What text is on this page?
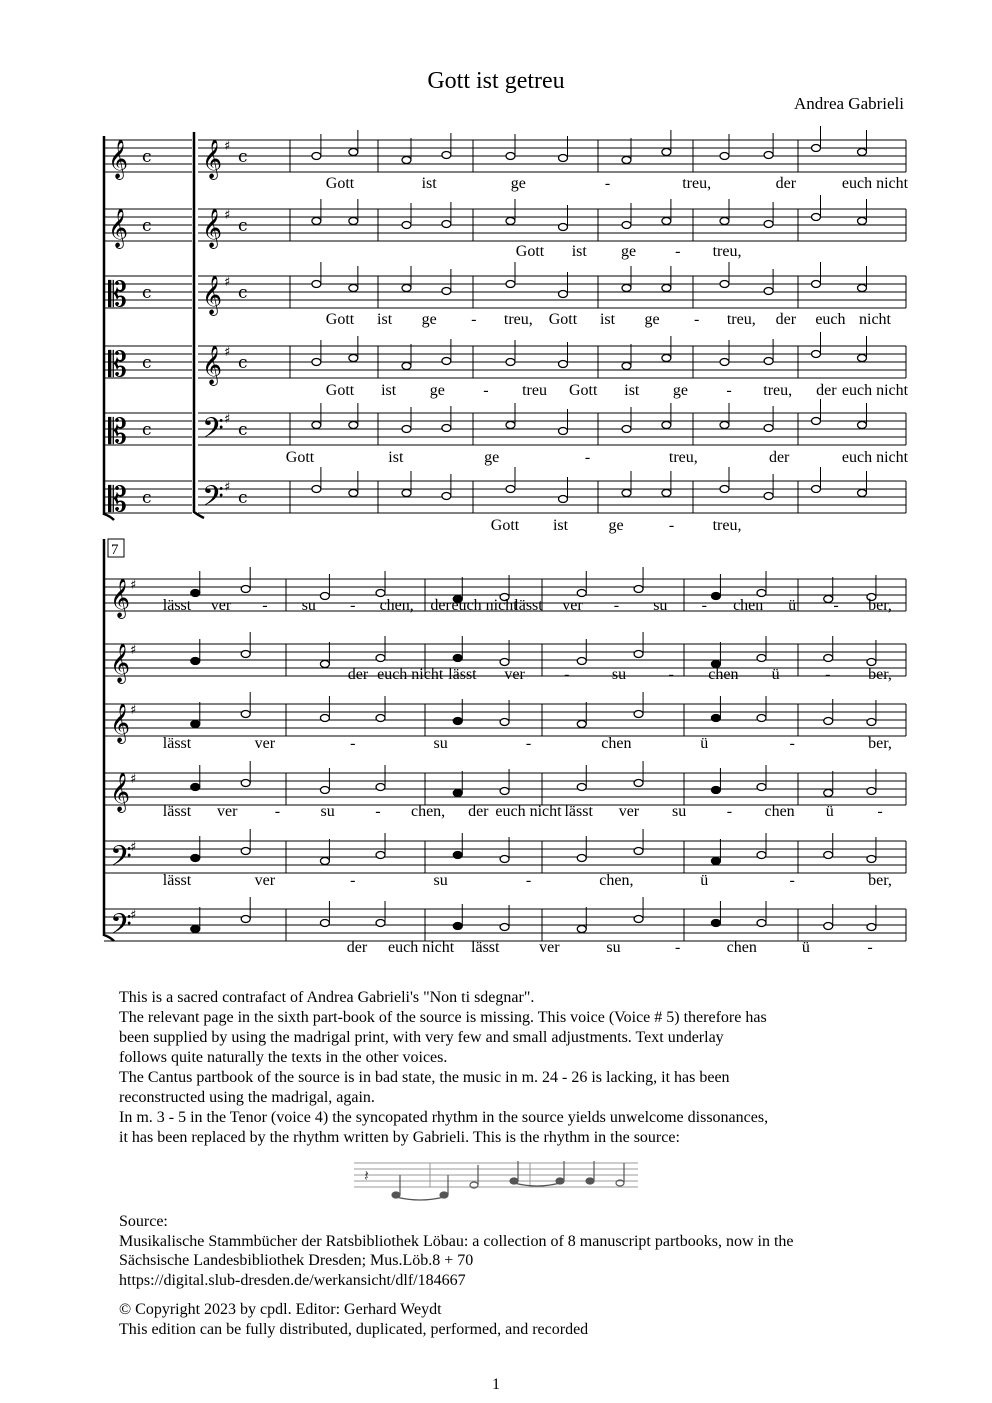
Gott ist getreu
Andrea Gabrieli
𝄞 𝄞
c	c
♯
𝄞 𝄞
c	c
♯
𝄡 𝄞
c	c
♯
𝄡 𝄞
c	c
♯
𝄡 𝄢
c	c
♯
𝄡 𝄢
c	c
♯
Gott	ist	ge	-	treu,	der	euch nicht
Gott ist ge - treu,
Gott ist ge - treu, Gott ist ge - treu, der euch nicht
Gott ist ge - treu Gott ist ge - treu, der euch nicht
Gott	ist	ge	-	treu,	der	euch nicht
Gott ist	ge	- treu,
7
𝄞 ♯
𝄞 ♯
𝄞 ♯
𝄞 ♯
𝄢
♯
𝄢
♯
lässt ver - su - chen, der euch nicht
lässt ver - su - chen ü - ber,
der euch nicht lässt ver -	su	- chen ü	- ber,
lässt	ver	-	su	-	chen	ü	-	ber,
lässt ver -	su	- chen, der euch nicht lässt ver su	- chen ü	-
lässt	ver	-	su	-	chen,	ü	-	ber,
der euch nicht lässt ver	su	-	chen	ü	-
𝄽

This is a sacred contrafact of Andrea Gabrieli's "Non ti sdegnar".

The relevant page in the sixth part-book of the source is missing. This voice (Voice # 5) therefore has

been supplied by using the madrigal print, with very few and small adjustments. Text underlay

follows quite naturally the texts in the other voices.

The Cantus partbook of the source is in bad state, the music in m. 24 - 26 is lacking, it has been

reconstructed using the madrigal, again.

In m. 3 - 5 in the Tenor (voice 4) the syncopated rhythm in the source yields unwelcome dissonances,

it has been replaced by the rhythm written by Gabrieli. This is the rhythm in the source:

Source:

Musikalische Stammbücher der Ratsbibliothek Löbau: a collection of 8 manuscript partbooks, now in the

Sächsische Landesbibliothek Dresden; Mus.Löb.8 + 70

https://digital.slub-dresden.de/werkansicht/dlf/184667

© Copyright 2023 by cpdl. Editor: Gerhard Weydt

This edition can be fully distributed, duplicated, performed, and recorded

1
